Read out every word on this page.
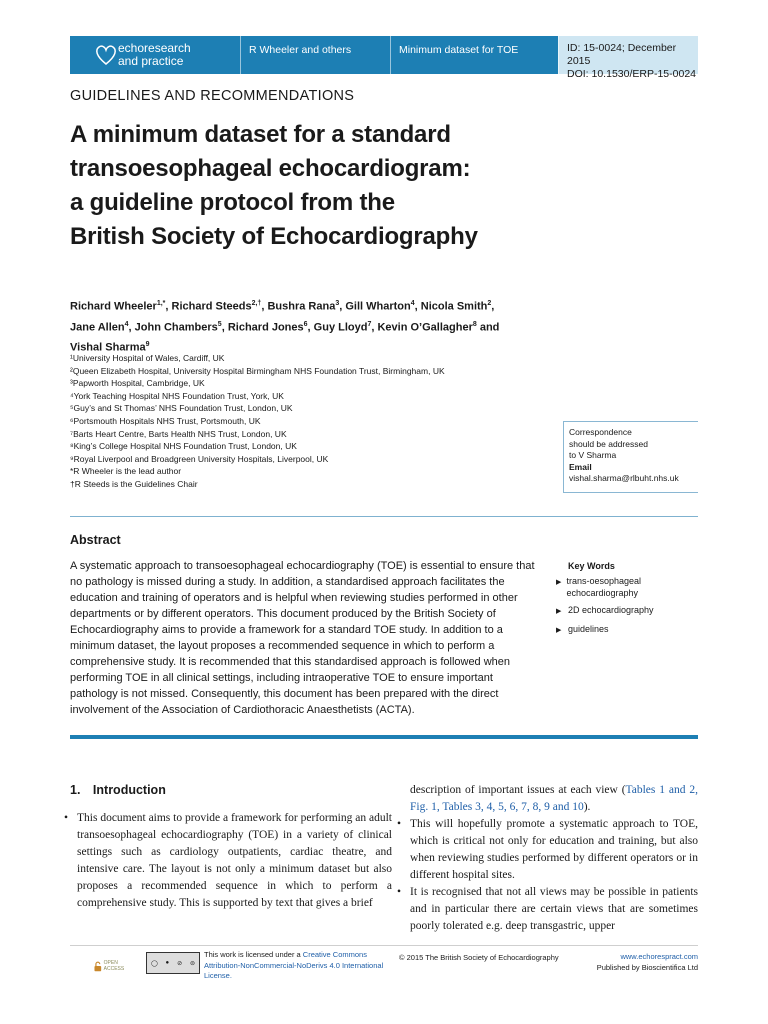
echoresearch
and practice
R Wheeler and others	Minimum dataset for TOE	ID: 15-0024; December 2015
DOI: 10.1530/ERP-15-0024
GUIDELINES AND RECOMMENDATIONS
A minimum dataset for a standard
transoesophageal echocardiogram:
a guideline protocol from the
British Society of Echocardiography
Richard Wheeler$^{1,*}$, Richard Steeds$^{2,\dagger}$, Bushra Rana$^3$, Gill Wharton$^4$, Nicola Smith$^2$,
Jane Allen$^4$, John Chambers$^5$, Richard Jones$^6$, Guy Lloyd$^7$, Kevin O’Gallagher$^8$ and
Vishal Sharma$^9$
¹University Hospital of Wales, Cardiff, UK
²Queen Elizabeth Hospital, University Hospital Birmingham NHS Foundation Trust, Birmingham, UK
³Papworth Hospital, Cambridge, UK
⁴York Teaching Hospital NHS Foundation Trust, York, UK
⁵Guy’s and St Thomas’ NHS Foundation Trust, London, UK
⁶Portsmouth Hospitals NHS Trust, Portsmouth, UK
⁷Barts Heart Centre, Barts Health NHS Trust, London, UK
⁸King’s College Hospital NHS Foundation Trust, London, UK
⁹Royal Liverpool and Broadgreen University Hospitals, Liverpool, UK
*R Wheeler is the lead author
†R Steeds is the Guidelines Chair
Correspondence
should be addressed
to V Sharma
Email
vishal.sharma@rlbuht.nhs.uk
Abstract
A systematic approach to transoesophageal echocardiography (TOE) is essential to ensure that no pathology is missed during a study. In addition, a standardised approach facilitates the education and training of operators and is helpful when reviewing studies performed in other departments or by different operators. This document produced by the British Society of Echocardiography aims to provide a framework for a standard TOE study. In addition to a minimum dataset, the layout proposes a recommended sequence in which to perform a comprehensive study. It is recommended that this standardised approach is followed when performing TOE in all clinical settings, including intraoperative TOE to ensure important pathology is not missed. Consequently, this document has been prepared with the direct involvement of the Association of Cardiothoracic Anaesthetists (ACTA).
Key Words
▶ trans-oesophageal echocardiography
▶ 2D echocardiography
▶ guidelines
1. Introduction
• This document aims to provide a framework for performing an adult transoesophageal echocardiography (TOE) in a variety of clinical settings such as cardiology outpatients, cardiac theatre, and intensive care. The layout is not only a minimum dataset but also proposes a recommended sequence in which to perform a comprehensive study. This is supported by text that gives a brief
description of important issues at each view (Tables 1 and 2, Fig. 1, Tables 3, 4, 5, 6, 7, 8, 9 and 10).
• This will hopefully promote a systematic approach to TOE, which is critical not only for education and training, but also when reviewing studies performed by different operators or in different hospital sites.
• It is recognised that not all views may be possible in patients and in particular there are certain views that are sometimes poorly tolerated e.g. deep transgastric, upper
OPEN ACCESS
◯ ● ⊘ ⊜
This work is licensed under a Creative Commons Attribution-NonCommercial-NoDerivs 4.0 International License.
© 2015 The British Society of Echocardiography	www.echorespract.com
Published by Bioscientifica Ltd
